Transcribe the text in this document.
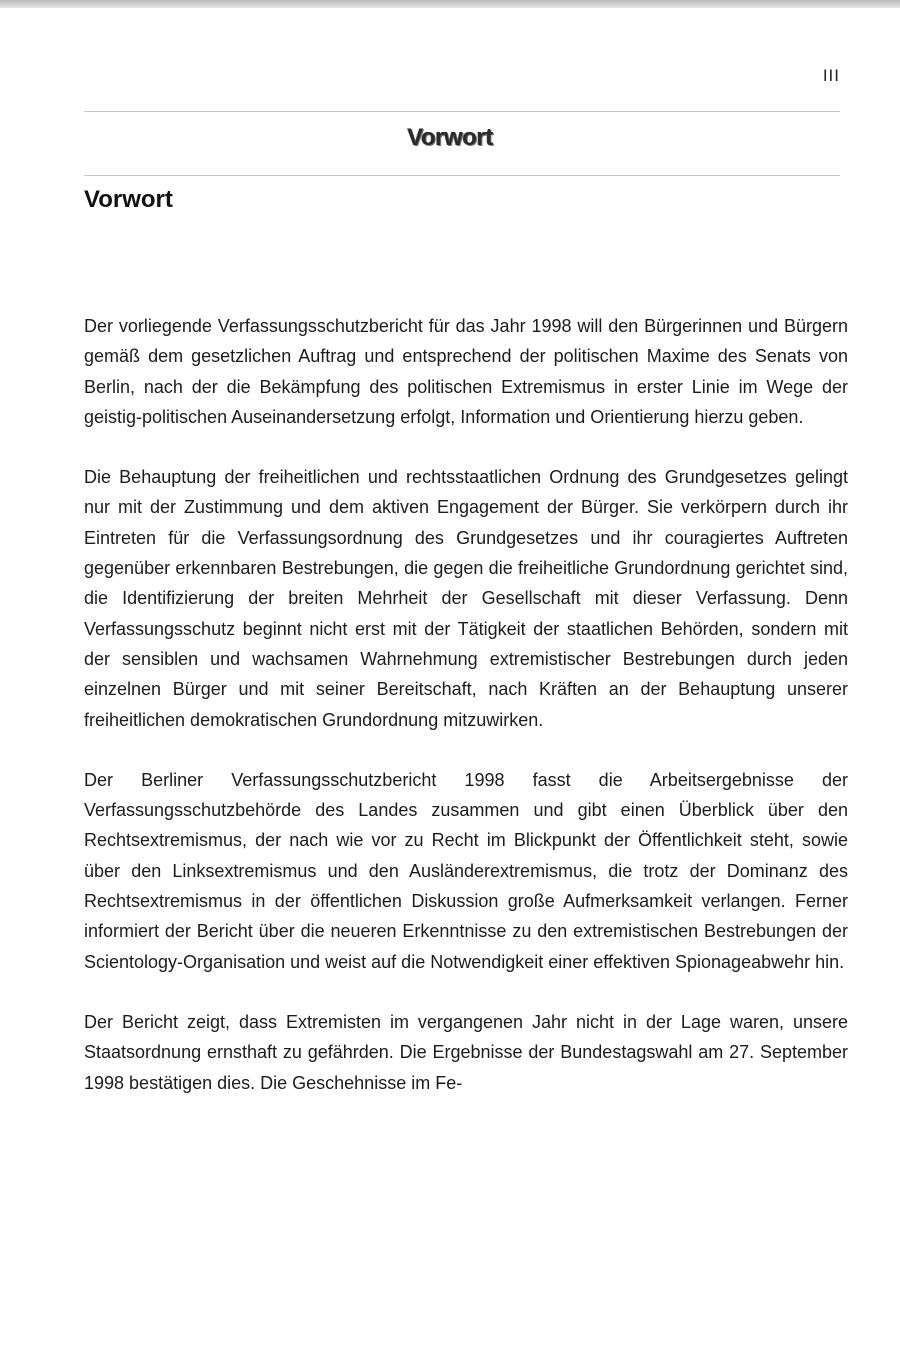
III
Vorwort
Vorwort

Der vorliegende Verfassungsschutzbericht für das Jahr 1998 will den Bürgerinnen und Bürgern gemäß dem gesetzlichen Auftrag und entsprechend der politischen Maxime des Senats von Berlin, nach der die Bekämpfung des politischen Extremismus in erster Linie im Wege der geistig-politischen Auseinandersetzung erfolgt, Information und Orientierung hierzu geben.

Die Behauptung der freiheitlichen und rechtsstaatlichen Ordnung des Grundgesetzes gelingt nur mit der Zustimmung und dem aktiven Engagement der Bürger. Sie verkörpern durch ihr Eintreten für die Verfassungsordnung des Grundgesetzes und ihr couragiertes Auftreten gegenüber erkennbaren Bestrebungen, die gegen die freiheitliche Grundordnung gerichtet sind, die Identifizierung der breiten Mehrheit der Gesellschaft mit dieser Verfassung. Denn Verfassungsschutz beginnt nicht erst mit der Tätigkeit der staatlichen Behörden, sondern mit der sensiblen und wachsamen Wahrnehmung extremistischer Bestrebungen durch jeden einzelnen Bürger und mit seiner Bereitschaft, nach Kräften an der Behauptung unserer freiheitlichen demokratischen Grundordnung mitzuwirken.

Der Berliner Verfassungsschutzbericht 1998 fasst die Arbeitsergebnisse der Verfassungsschutzbehörde des Landes zusammen und gibt einen Überblick über den Rechtsextremismus, der nach wie vor zu Recht im Blickpunkt der Öffentlichkeit steht, sowie über den Linksextremismus und den Ausländerextremismus, die trotz der Dominanz des Rechtsextremismus in der öffentlichen Diskussion große Aufmerksamkeit verlangen. Ferner informiert der Bericht über die neueren Erkenntnisse zu den extremistischen Bestrebungen der Scientology-Organisation und weist auf die Notwendigkeit einer effektiven Spionageabwehr hin.

Der Bericht zeigt, dass Extremisten im vergangenen Jahr nicht in der Lage waren, unsere Staatsordnung ernsthaft zu gefährden. Die Ergebnisse der Bundestagswahl am 27. September 1998 bestätigen dies. Die Geschehnisse im Fe-
